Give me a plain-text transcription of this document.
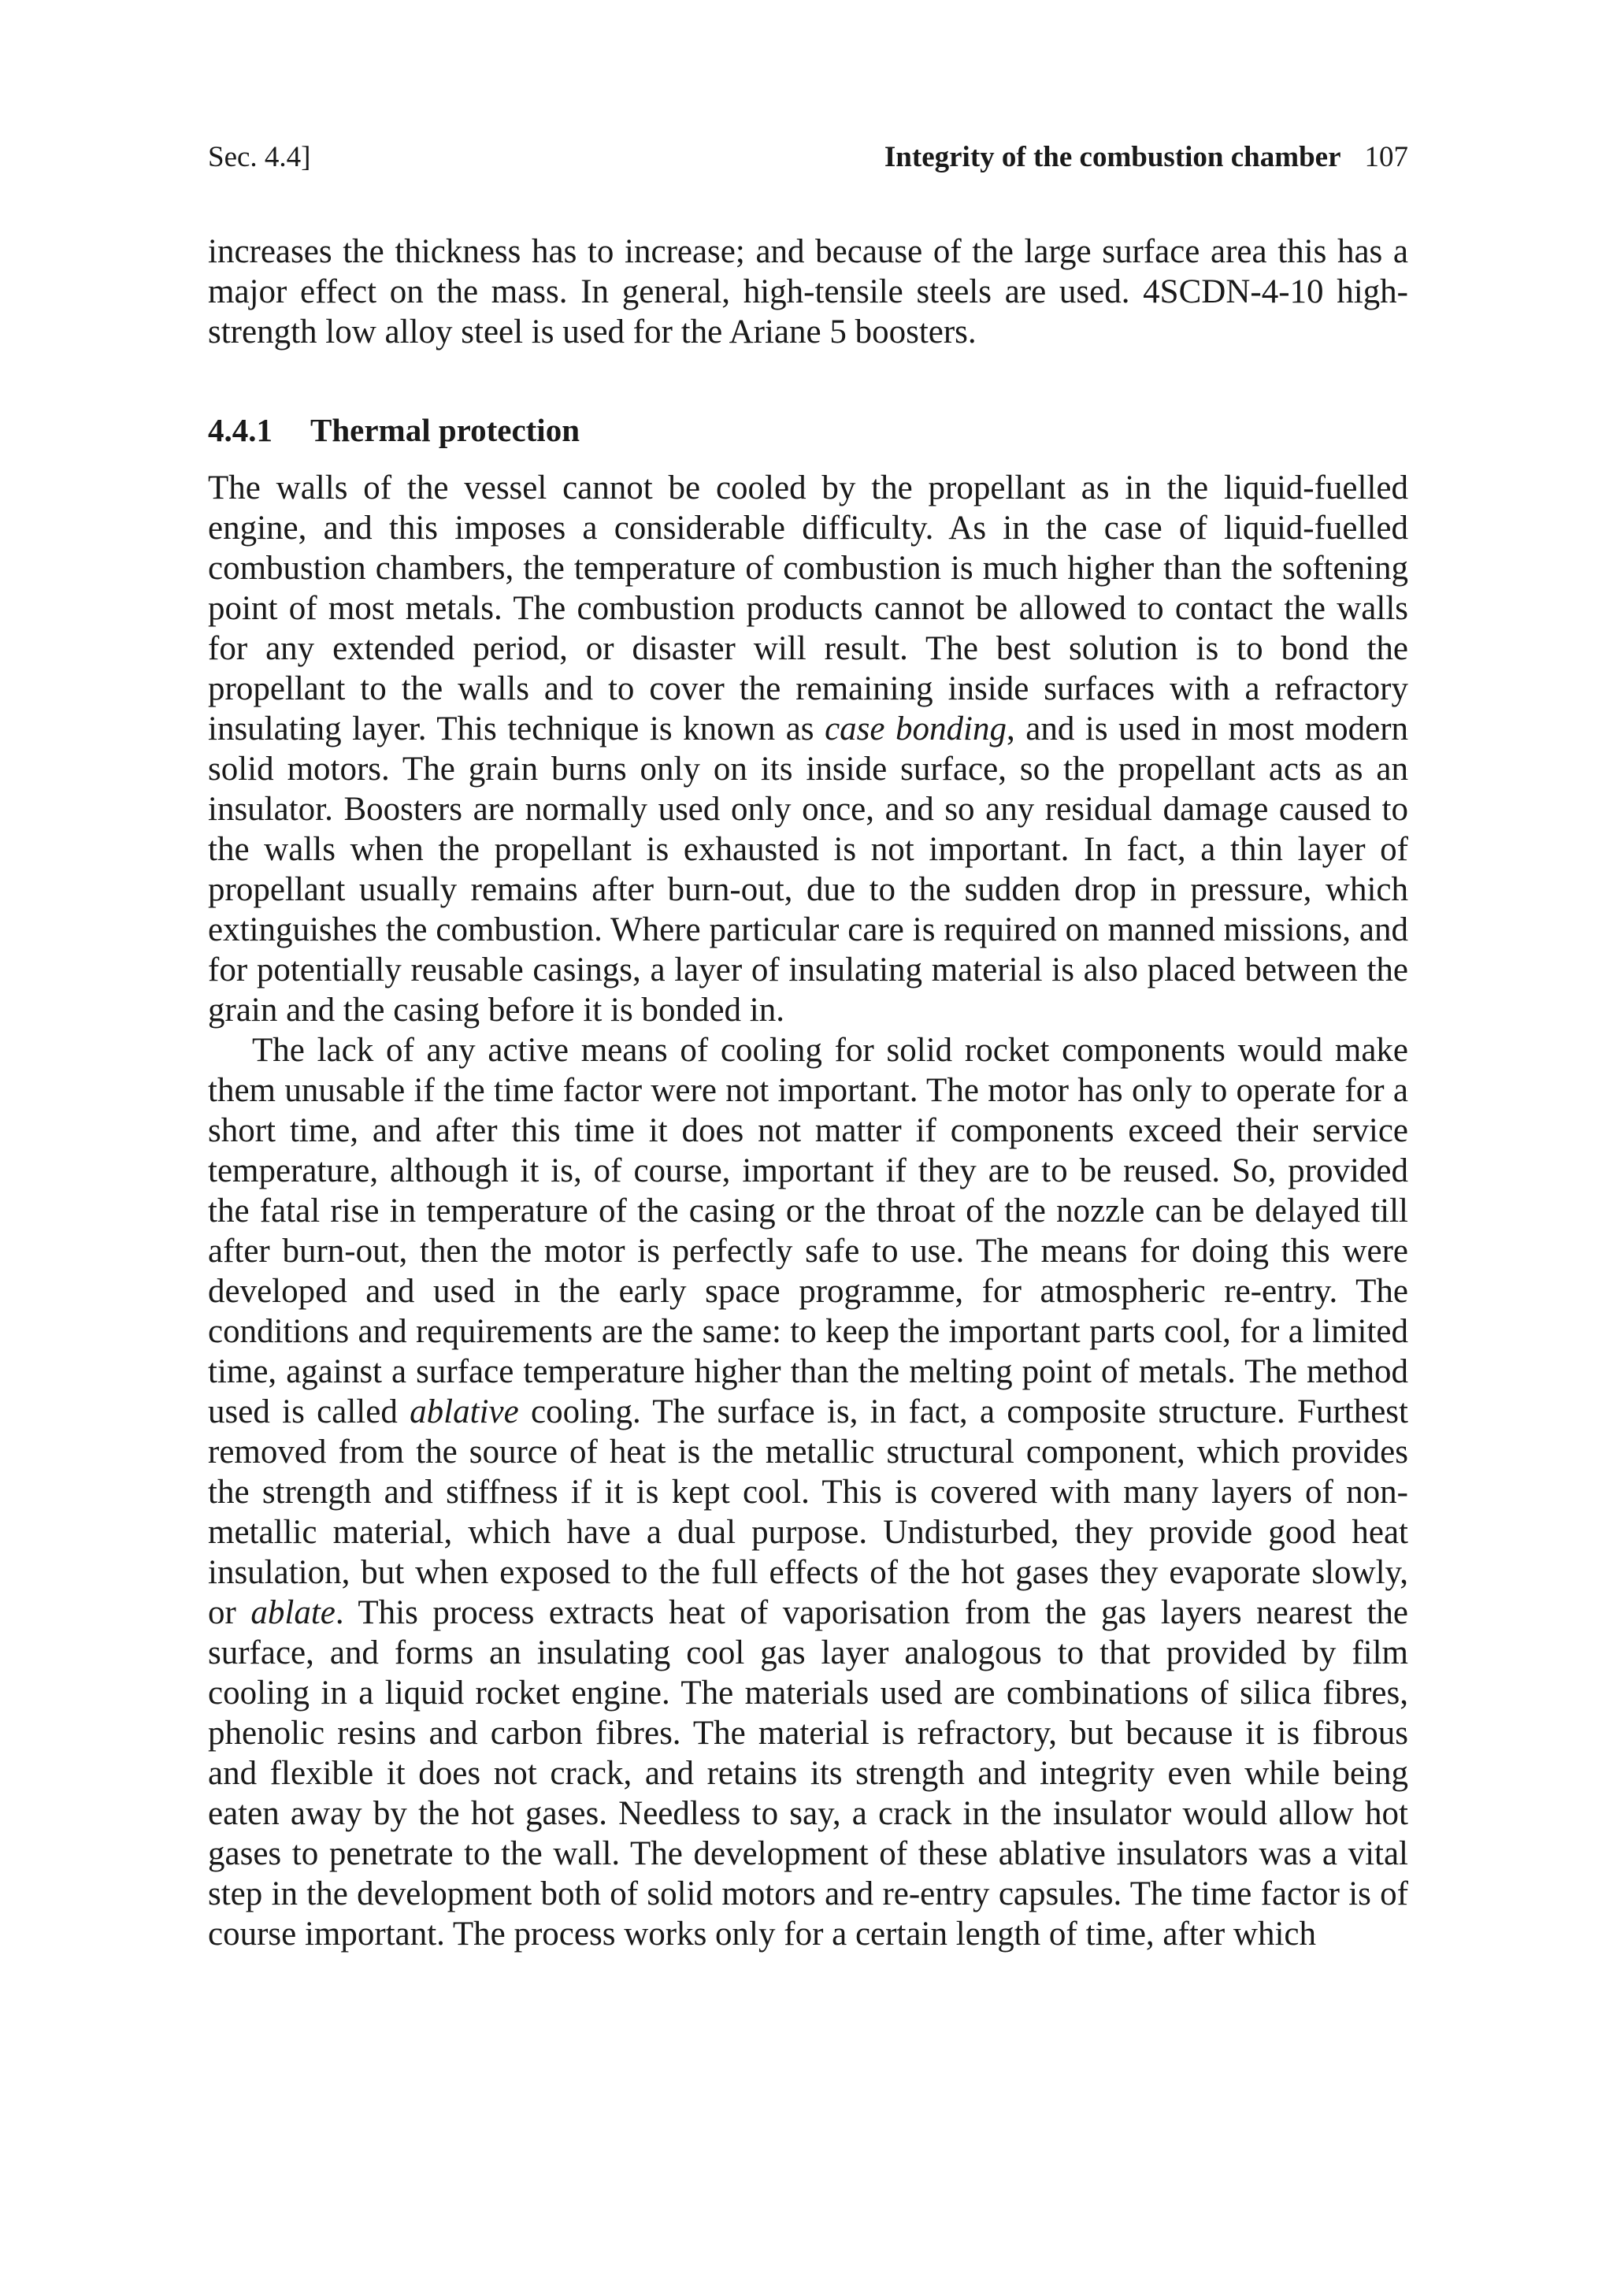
Sec. 4.4]	Integrity of the combustion chamber 107

increases the thickness has to increase; and because of the large surface area this has a major effect on the mass. In general, high-tensile steels are used. 4SCDN-4-10 high-strength low alloy steel is used for the Ariane 5 boosters.

4.4.1 Thermal protection

The walls of the vessel cannot be cooled by the propellant as in the liquid-fuelled engine, and this imposes a considerable difficulty. As in the case of liquid-fuelled combustion chambers, the temperature of combustion is much higher than the softening point of most metals. The combustion products cannot be allowed to contact the walls for any extended period, or disaster will result. The best solution is to bond the propellant to the walls and to cover the remaining inside surfaces with a refractory insulating layer. This technique is known as case bonding, and is used in most modern solid motors. The grain burns only on its inside surface, so the propellant acts as an insulator. Boosters are normally used only once, and so any residual damage caused to the walls when the propellant is exhausted is not important. In fact, a thin layer of propellant usually remains after burn-out, due to the sudden drop in pressure, which extinguishes the combustion. Where particular care is required on manned missions, and for potentially reusable casings, a layer of insulating material is also placed between the grain and the casing before it is bonded in.

The lack of any active means of cooling for solid rocket components would make them unusable if the time factor were not important. The motor has only to operate for a short time, and after this time it does not matter if components exceed their service temperature, although it is, of course, important if they are to be reused. So, provided the fatal rise in temperature of the casing or the throat of the nozzle can be delayed till after burn-out, then the motor is perfectly safe to use. The means for doing this were developed and used in the early space programme, for atmospheric re-entry. The conditions and requirements are the same: to keep the important parts cool, for a limited time, against a surface temperature higher than the melting point of metals. The method used is called ablative cooling. The surface is, in fact, a composite structure. Furthest removed from the source of heat is the metallic structural component, which provides the strength and stiffness if it is kept cool. This is covered with many layers of non-metallic material, which have a dual purpose. Undisturbed, they provide good heat insulation, but when exposed to the full effects of the hot gases they evaporate slowly, or ablate. This process extracts heat of vaporisation from the gas layers nearest the surface, and forms an insulating cool gas layer analogous to that provided by film cooling in a liquid rocket engine. The materials used are combinations of silica fibres, phenolic resins and carbon fibres. The material is refractory, but because it is fibrous and flexible it does not crack, and retains its strength and integrity even while being eaten away by the hot gases. Needless to say, a crack in the insulator would allow hot gases to penetrate to the wall. The development of these ablative insulators was a vital step in the development both of solid motors and re-entry capsules. The time factor is of course important. The process works only for a certain length of time, after which
